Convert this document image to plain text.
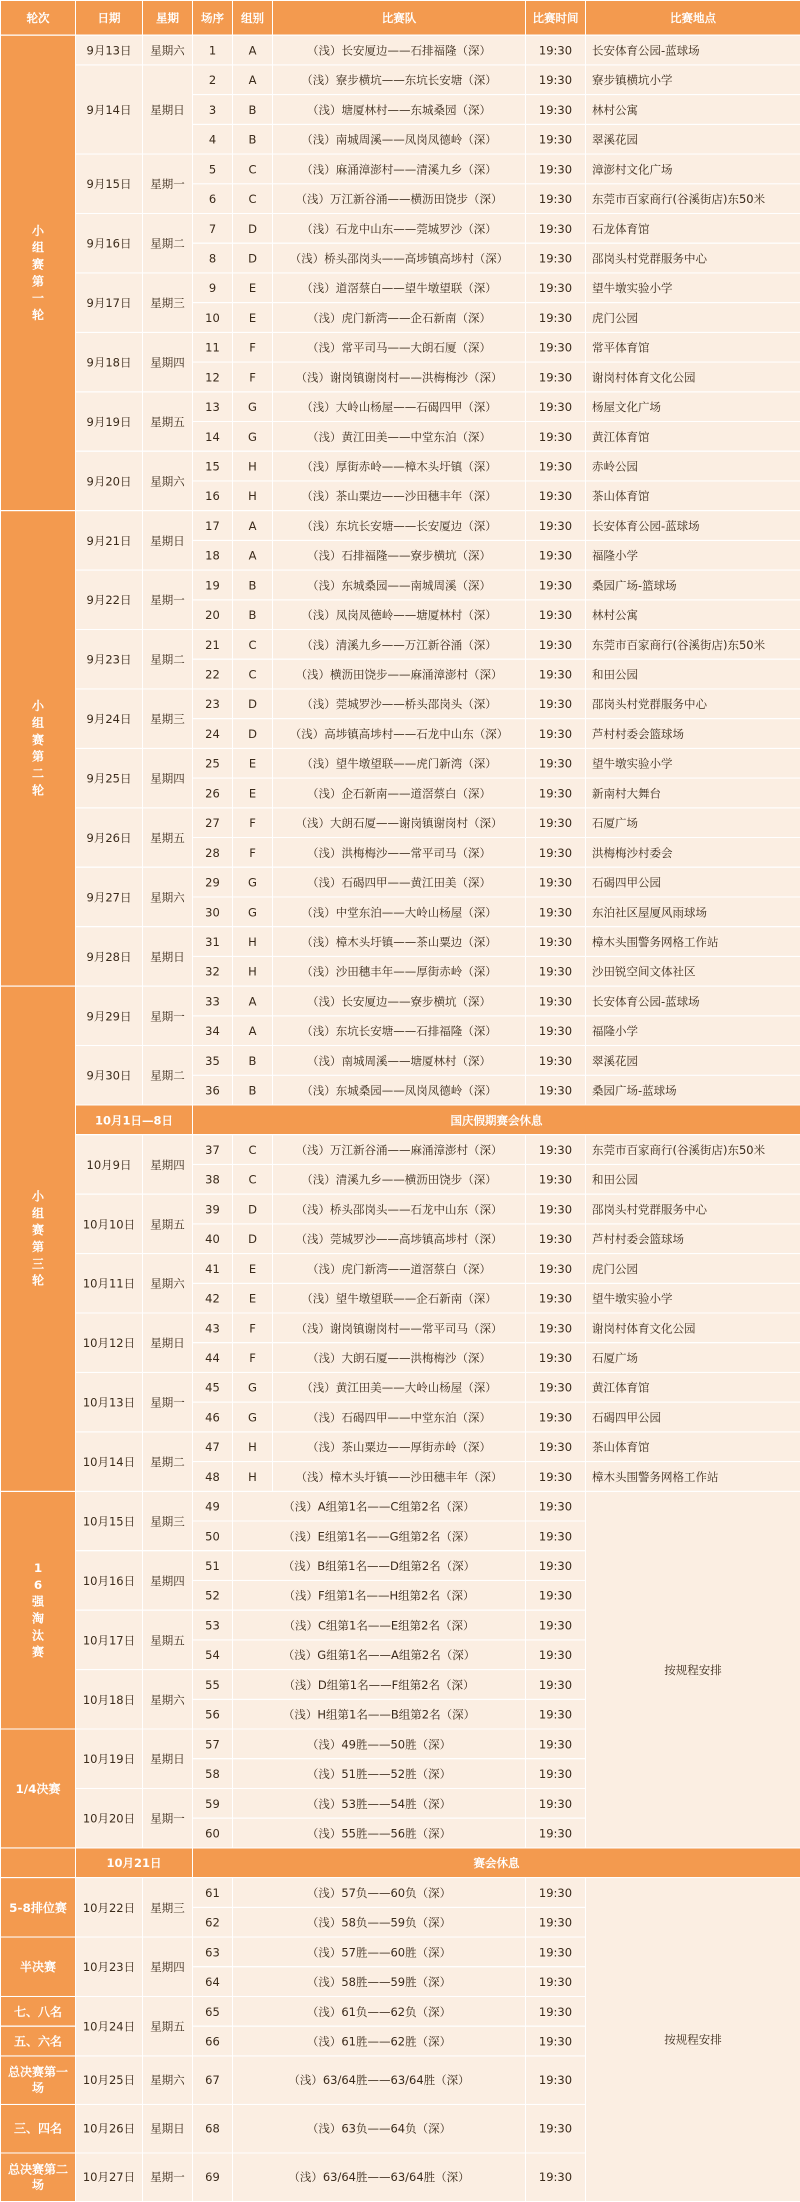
轮次	日期	星期	场序	组别	比赛队	比赛时间	比赛地点
小组赛第一轮	9月13日	星期六	1	A	（浅）长安厦边——石排福隆（深）	19:30	长安体育公园-蓝球场
	9月14日	星期日	2	A	（浅）寮步横坑——东坑长安塘（深）	19:30	寮步镇横坑小学
			3	B	（浅）塘厦林村——东城桑园（深）	19:30	林村公寓
			4	B	（浅）南城周溪——凤岗凤德岭（深）	19:30	翠溪花园
	9月15日	星期一	5	C	（浅）麻涌漳澎村——清溪九乡（深）	19:30	漳澎村文化广场
			6	C	（浅）万江新谷涌——横沥田饶步（深）	19:30	东莞市百家商行(谷溪街店)东50米
	9月16日	星期二	7	D	（浅）石龙中山东——莞城罗沙（深）	19:30	石龙体育馆
			8	D	（浅）桥头邵岗头——高埗镇高埗村（深）	19:30	邵岗头村党群服务中心
	9月17日	星期三	9	E	（浅）道滘蔡白——望牛墩望联（深）	19:30	望牛墩实验小学
			10	E	（浅）虎门新湾——企石新南（深）	19:30	虎门公园
	9月18日	星期四	11	F	（浅）常平司马——大朗石厦（深）	19:30	常平体育馆
			12	F	（浅）谢岗镇谢岗村——洪梅梅沙（深）	19:30	谢岗村体育文化公园
	9月19日	星期五	13	G	（浅）大岭山杨屋——石碣四甲（深）	19:30	杨屋文化广场
			14	G	（浅）黄江田美——中堂东泊（深）	19:30	黄江体育馆
	9月20日	星期六	15	H	（浅）厚街赤岭——樟木头圩镇（深）	19:30	赤岭公园
			16	H	（浅）茶山粟边——沙田穗丰年（深）	19:30	茶山体育馆
小组赛第二轮	9月21日	星期日	17	A	（浅）东坑长安塘——长安厦边（深）	19:30	长安体育公园-蓝球场
			18	A	（浅）石排福隆——寮步横坑（深）	19:30	福隆小学
	9月22日	星期一	19	B	（浅）东城桑园——南城周溪（深）	19:30	桑园广场-篮球场
			20	B	（浅）凤岗凤德岭——塘厦林村（深）	19:30	林村公寓
	9月23日	星期二	21	C	（浅）清溪九乡——万江新谷涌（深）	19:30	东莞市百家商行(谷溪街店)东50米
			22	C	（浅）横沥田饶步——麻涌漳澎村（深）	19:30	和田公园
	9月24日	星期三	23	D	（浅）莞城罗沙——桥头邵岗头（深）	19:30	邵岗头村党群服务中心
			24	D	（浅）高埗镇高埗村——石龙中山东（深）	19:30	芦村村委会篮球场
	9月25日	星期四	25	E	（浅）望牛墩望联——虎门新湾（深）	19:30	望牛墩实验小学
			26	E	（浅）企石新南——道滘蔡白（深）	19:30	新南村大舞台
	9月26日	星期五	27	F	（浅）大朗石厦——谢岗镇谢岗村（深）	19:30	石厦广场
			28	F	（浅）洪梅梅沙——常平司马（深）	19:30	洪梅梅沙村委会
	9月27日	星期六	29	G	（浅）石碣四甲——黄江田美（深）	19:30	石碣四甲公园
			30	G	（浅）中堂东泊——大岭山杨屋（深）	19:30	东泊社区屋厦风雨球场
	9月28日	星期日	31	H	（浅）樟木头圩镇——茶山粟边（深）	19:30	樟木头围警务网格工作站
			32	H	（浅）沙田穗丰年——厚街赤岭（深）	19:30	沙田锐空间文体社区
小组赛第三轮	9月29日	星期一	33	A	（浅）长安厦边——寮步横坑（深）	19:30	长安体育公园-蓝球场
			34	A	（浅）东坑长安塘——石排福隆（深）	19:30	福隆小学
	9月30日	星期二	35	B	（浅）南城周溪——塘厦林村（深）	19:30	翠溪花园
			36	B	（浅）东城桑园——凤岗凤德岭（深）	19:30	桑园广场-蓝球场
	10月1日—8日		国庆假期赛会休息				
	10月9日	星期四	37	C	（浅）万江新谷涌——麻涌漳澎村（深）	19:30	东莞市百家商行(谷溪街店)东50米
			38	C	（浅）清溪九乡——横沥田饶步（深）	19:30	和田公园
	10月10日	星期五	39	D	（浅）桥头邵岗头——石龙中山东（深）	19:30	邵岗头村党群服务中心
			40	D	（浅）莞城罗沙——高埗镇高埗村（深）	19:30	芦村村委会篮球场
	10月11日	星期六	41	E	（浅）虎门新湾——道滘蔡白（深）	19:30	虎门公园
			42	E	（浅）望牛墩望联——企石新南（深）	19:30	望牛墩实验小学
	10月12日	星期日	43	F	（浅）谢岗镇谢岗村——常平司马（深）	19:30	谢岗村体育文化公园
			44	F	（浅）大朗石厦——洪梅梅沙（深）	19:30	石厦广场
	10月13日	星期一	45	G	（浅）黄江田美——大岭山杨屋（深）	19:30	黄江体育馆
			46	G	（浅）石碣四甲——中堂东泊（深）	19:30	石碣四甲公园
	10月14日	星期二	47	H	（浅）茶山粟边——厚街赤岭（深）	19:30	茶山体育馆
			48	H	（浅）樟木头圩镇——沙田穗丰年（深）	19:30	樟木头围警务网格工作站
16强淘汰赛	10月15日	星期三	49	（浅）A组第1名——C组第2名（深）		19:30	按规程安排
			50	（浅）E组第1名——G组第2名（深）		19:30	
	10月16日	星期四	51	（浅）B组第1名——D组第2名（深）		19:30	
			52	（浅）F组第1名——H组第2名（深）		19:30	
	10月17日	星期五	53	（浅）C组第1名——E组第2名（深）		19:30	
			54	（浅）G组第1名——A组第2名（深）		19:30	
	10月18日	星期六	55	（浅）D组第1名——F组第2名（深）		19:30	
			56	（浅）H组第1名——B组第2名（深）		19:30	
1/4决赛	10月19日	星期日	57	（浅）49胜——50胜（深）		19:30	
			58	（浅）51胜——52胜（深）		19:30	
	10月20日	星期一	59	（浅）53胜——54胜（深）		19:30	
			60	（浅）55胜——56胜（深）		19:30	
	10月21日		赛会休息				
5-8排位赛	10月22日	星期三	61	（浅）57负——60负（深）		19:30	按规程安排
			62	（浅）58负——59负（深）		19:30	
半决赛	10月23日	星期四	63	（浅）57胜——60胜（深）		19:30	
			64	（浅）58胜——59胜（深）		19:30	
七、八名	10月24日	星期五	65	（浅）61负——62负（深）		19:30	
五、六名			66	（浅）61胜——62胜（深）		19:30	
总决赛第一场	10月25日	星期六	67	（浅）63/64胜——63/64胜（深）		19:30	
三、四名	10月26日	星期日	68	（浅）63负——64负（深）		19:30	
总决赛第二场	10月27日	星期一	69	（浅）63/64胜——63/64胜（深）		19:30	
